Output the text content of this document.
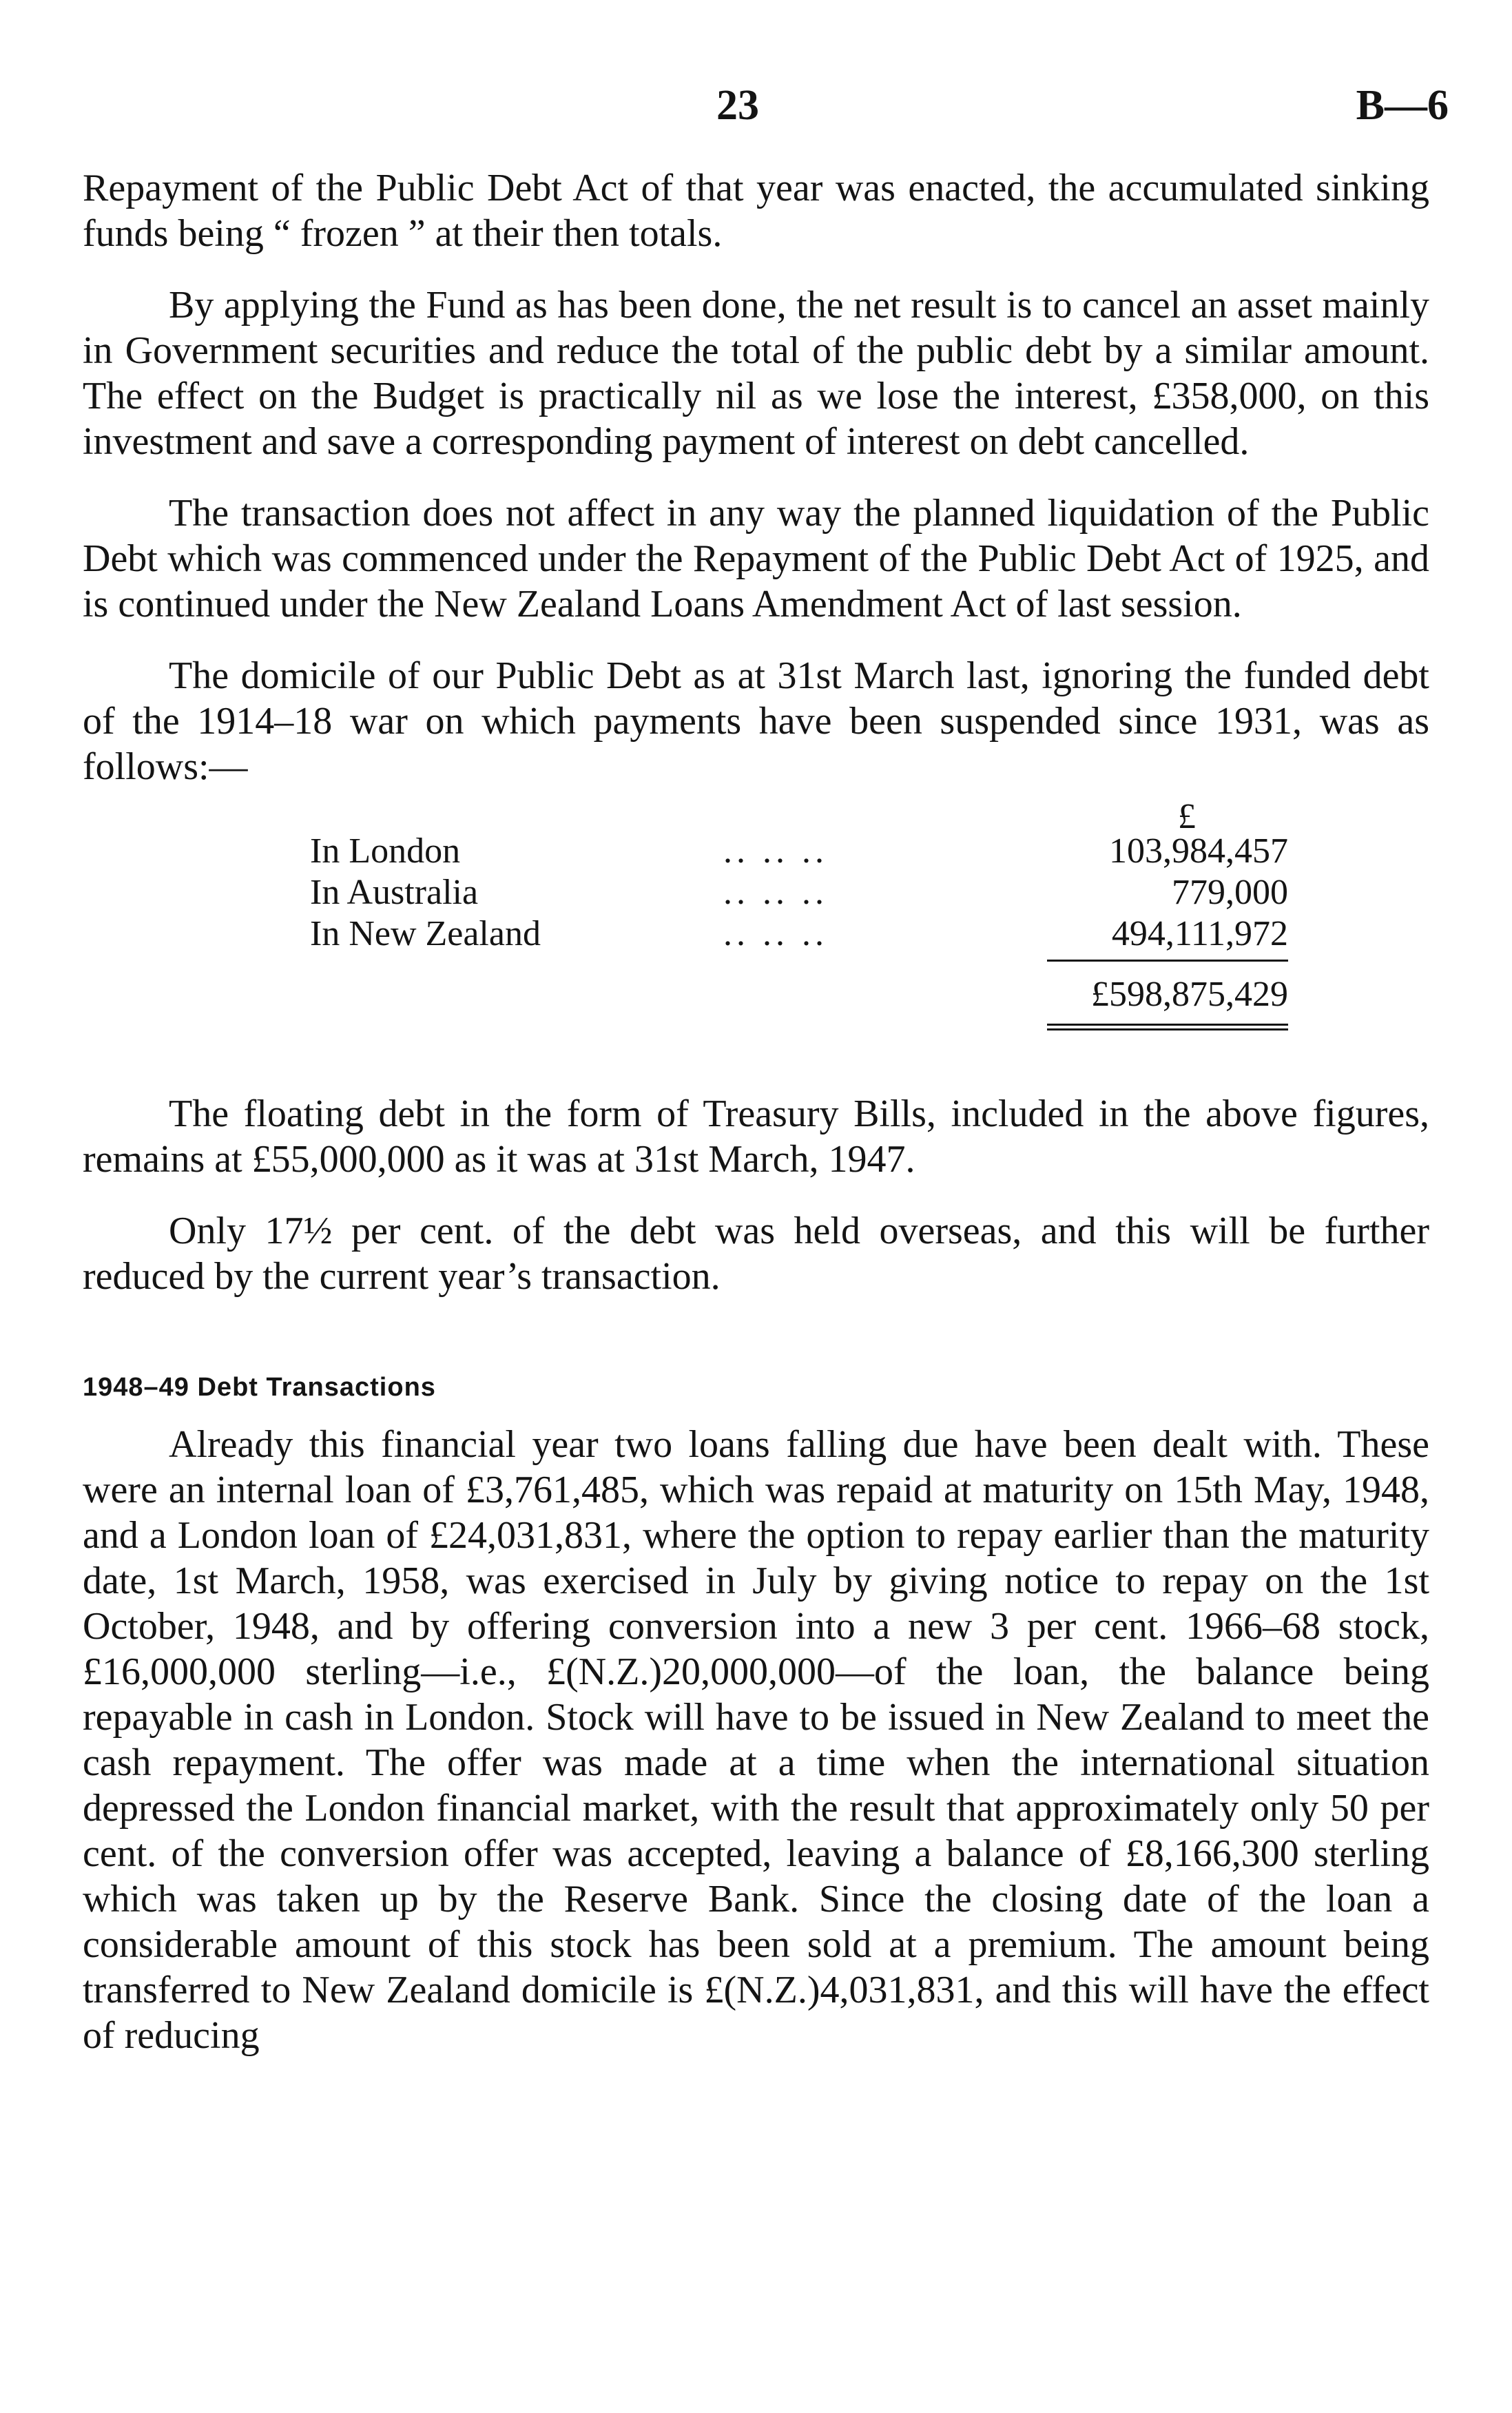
23	B—6

Repayment of the Public Debt Act of that year was enacted, the accumulated sinking funds being “ frozen ” at their then totals.

By applying the Fund as has been done, the net result is to cancel an asset mainly in Government securities and reduce the total of the public debt by a similar amount. The effect on the Budget is practically nil as we lose the interest, £358,000, on this investment and save a corresponding payment of interest on debt cancelled.

The transaction does not affect in any way the planned liquidation of the Public Debt which was commenced under the Repayment of the Public Debt Act of 1925, and is continued under the New Zealand Loans Amendment Act of last session.

The domicile of our Public Debt as at 31st March last, ignoring the funded debt of the 1914–18 war on which payments have been suspended since 1931, was as follows:—

£
In London	.. .. ..	103,984,457
In Australia	.. .. ..	779,000
In New Zealand	.. .. ..	494,111,972
£598,875,429

The floating debt in the form of Treasury Bills, included in the above figures, remains at £55,000,000 as it was at 31st March, 1947.

Only 17½ per cent. of the debt was held overseas, and this will be further reduced by the current year’s transaction.

1948–49 Debt Transactions

Already this financial year two loans falling due have been dealt with. These were an internal loan of £3,761,485, which was repaid at maturity on 15th May, 1948, and a London loan of £24,031,831, where the option to repay earlier than the maturity date, 1st March, 1958, was exercised in July by giving notice to repay on the 1st October, 1948, and by offering conversion into a new 3 per cent. 1966–68 stock, £16,000,000 sterling—i.e., £(N.Z.)20,000,000—of the loan, the balance being repayable in cash in London. Stock will have to be issued in New Zealand to meet the cash repayment. The offer was made at a time when the international situation depressed the London financial market, with the result that approximately only 50 per cent. of the conversion offer was accepted, leaving a balance of £8,166,300 sterling which was taken up by the Reserve Bank. Since the closing date of the loan a considerable amount of this stock has been sold at a premium. The amount being transferred to New Zealand domicile is £(N.Z.)4,031,831, and this will have the effect of reducing
